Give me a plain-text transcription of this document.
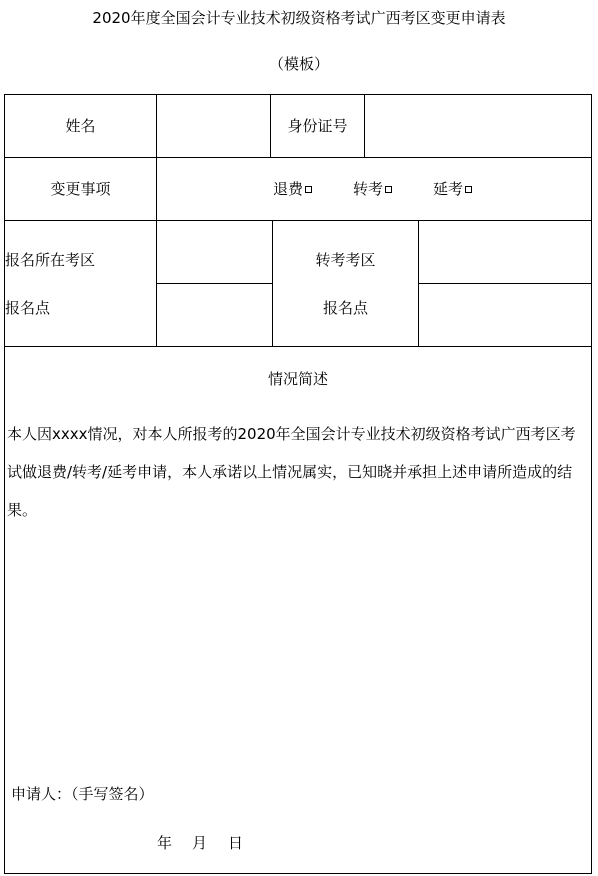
2020年度全国会计专业技术初级资格考试广西考区变更申请表
（模板）
姓名	身份证号
变更事项	退费	转考	延考
报名所在考区	转考考区
报名点	报名点
情况简述
本人因xxxx情况，对本人所报考的2020年全国会计专业技术初级资格考试广西考区考试做退费/转考/延考申请，本人承诺以上情况属实，已知晓并承担上述申请所造成的结果。
申请人：（手写签名）
年 月 日
